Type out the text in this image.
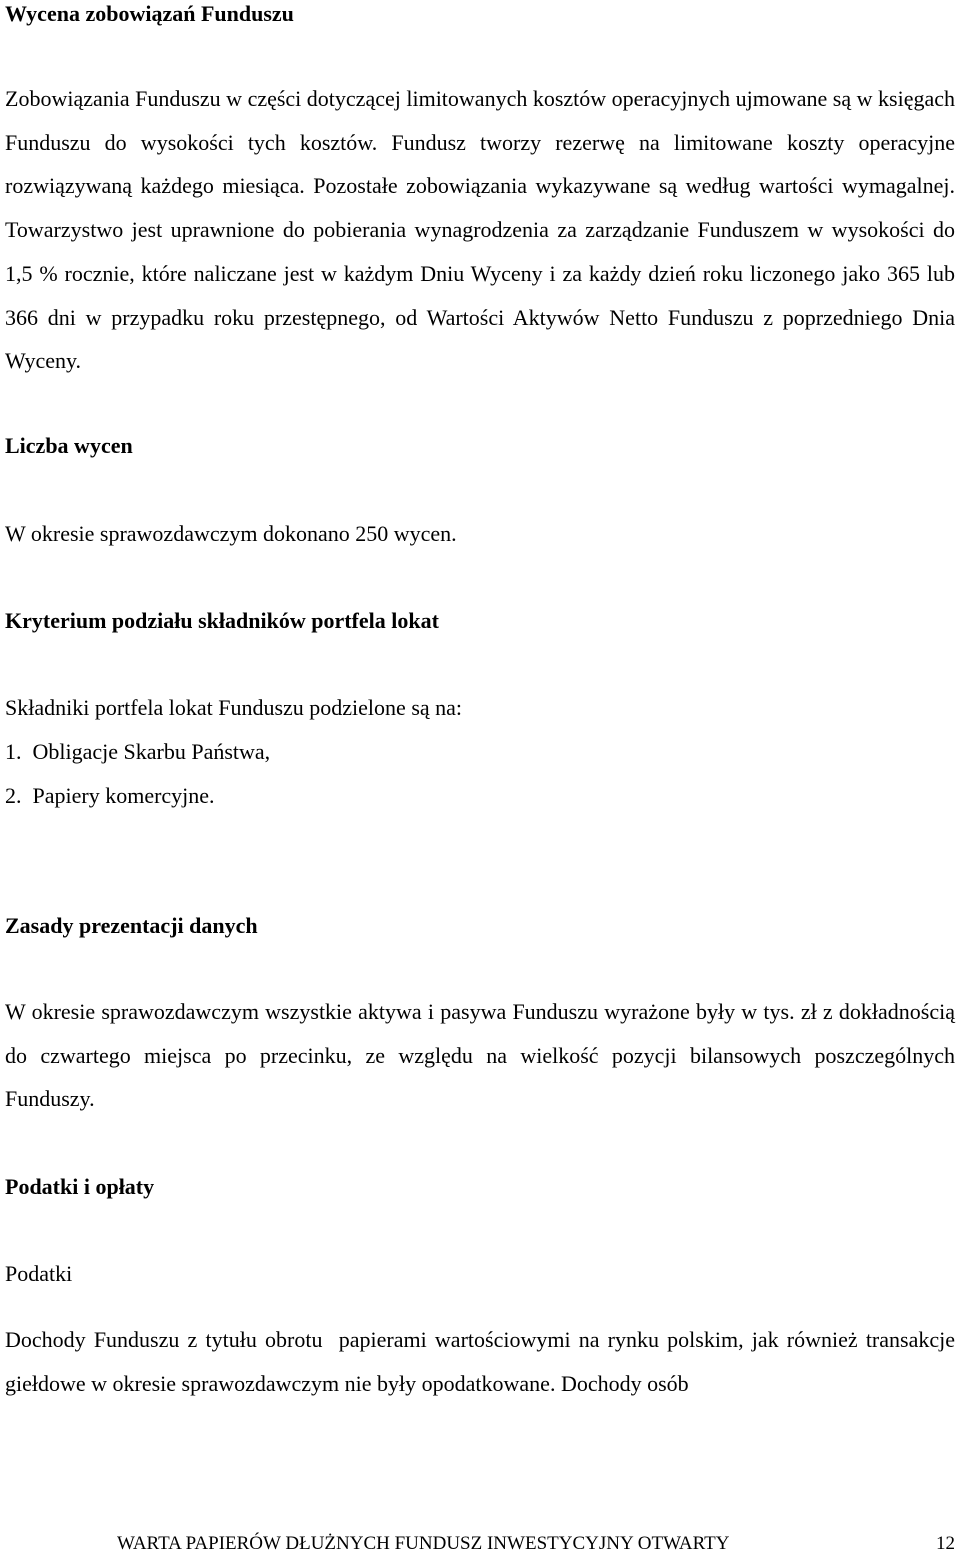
Wycena zobowiązań Funduszu

Zobowiązania Funduszu w części dotyczącej limitowanych kosztów operacyjnych ujmowane są w księgach Funduszu do wysokości tych kosztów. Fundusz tworzy rezerwę na limitowane koszty operacyjne rozwiązywaną każdego miesiąca. Pozostałe zobowiązania wykazywane są według wartości wymagalnej. Towarzystwo jest uprawnione do pobierania wynagrodzenia za zarządzanie Funduszem w wysokości do 1,5 % rocznie, które naliczane jest w każdym Dniu Wyceny i za każdy dzień roku liczonego jako 365 lub 366 dni w przypadku roku przestępnego, od Wartości Aktywów Netto Funduszu z poprzedniego Dnia Wyceny.

Liczba wycen
W okresie sprawozdawczym dokonano 250 wycen.
Kryterium podziału składników portfela lokat
Składniki portfela lokat Funduszu podzielone są na:
1.  Obligacje Skarbu Państwa,
2.  Papiery komercyjne.
Zasady prezentacji danych

W okresie sprawozdawczym wszystkie aktywa i pasywa Funduszu wyrażone były w tys. zł z dokładnością do czwartego miejsca po przecinku, ze względu na wielkość pozycji bilansowych poszczególnych Funduszy.

Podatki i opłaty
Podatki

Dochody Funduszu z tytułu obrotu  papierami wartościowymi na rynku polskim, jak również transakcje giełdowe w okresie sprawozdawczym nie były opodatkowane. Dochody osób

WARTA PAPIERÓW DŁUŻNYCH FUNDUSZ INWESTYCYJNY OTWARTY	12
